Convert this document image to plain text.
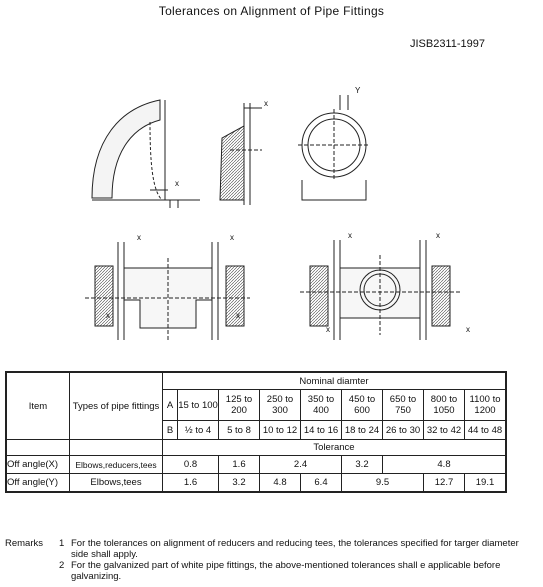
Tolerances on Alignment of Pipe Fittings
JISB2311-1997
x
x
Y
x	x
x	x
x	x
x	x
Item	Types of pipe fittings	Nominal diamter								
		A	15 to 100	125 to 200	250 to 300	350 to 400	450 to 600	650 to 750	800 to 1050	1100 to 1200
		B	½ to 4	5 to 8	10 to 12	14 to 16	18 to 24	26 to 30	32 to 42	44 to 48
		Tolerance								
Off angle(X)	Elbows,reducers,tees	0.8		1.6	2.4		3.2	4.8		
Off angle(Y)	Elbows,tees	1.6		3.2	4.8	6.4	9.5		12.7	19.1
Remarks	1 For the tolerances on alignment of reducers and reducing tees, the tolerances specified for targer diameter side shall apply.
2 For the galvanized part of white pipe fittings, the above-mentioned tolerances shall e applicable before galvanizing.
